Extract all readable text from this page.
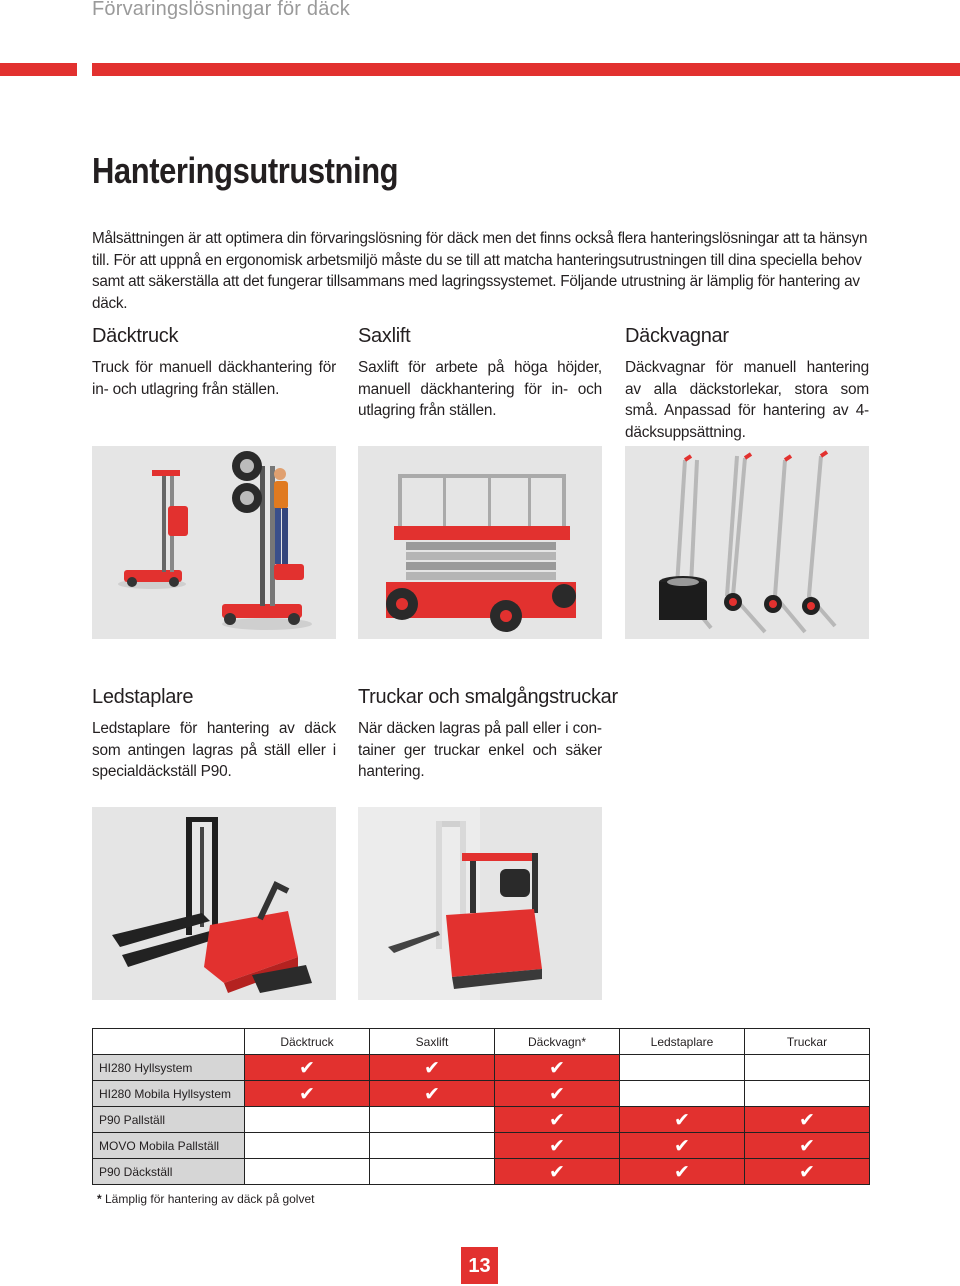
Förvaringslösningar för däck
Hanteringsutrustning
Målsättningen är att optimera din förvaringslösning för däck men det finns också flera hanteringslösningar att ta hänsyn till. För att uppnå en ergonomisk arbetsmiljö måste du se till att matcha hanteringsutrustningen till dina speciella behov samt att säkerställa att det fungerar tillsammans med lagringssystemet. Följande utrustning är lämplig för hantering av däck.
Däcktruck

Truck för manuell däckhantering för in- och utlagring från ställen.

Saxlift

Saxlift för arbete på höga höjder, manuell däckhantering för in- och utlagring från ställen.

Däckvagnar

Däckvagnar för manuell hantering av alla däckstorlekar, stora som små. Anpassad för hantering av 4-däcksuppsättning.

Ledstaplare

Ledstaplare för hantering av däck som antingen lagras på ställ eller i specialdäckställ P90.

Truckar och smalgångstruckar

När däcken lagras på pall eller i container ger truckar enkel och säker hantering.

	Däcktruck	Saxlift	Däckvagn*	Ledstaplare	Truckar
HI280 Hyllsystem	✔	✔	✔		
HI280 Mobila Hyllsystem	✔	✔	✔		
P90 Pallställ			✔	✔	✔
MOVO Mobila Pallställ			✔	✔	✔
P90 Däckställ			✔	✔	✔
* Lämplig för hantering av däck på golvet
13
